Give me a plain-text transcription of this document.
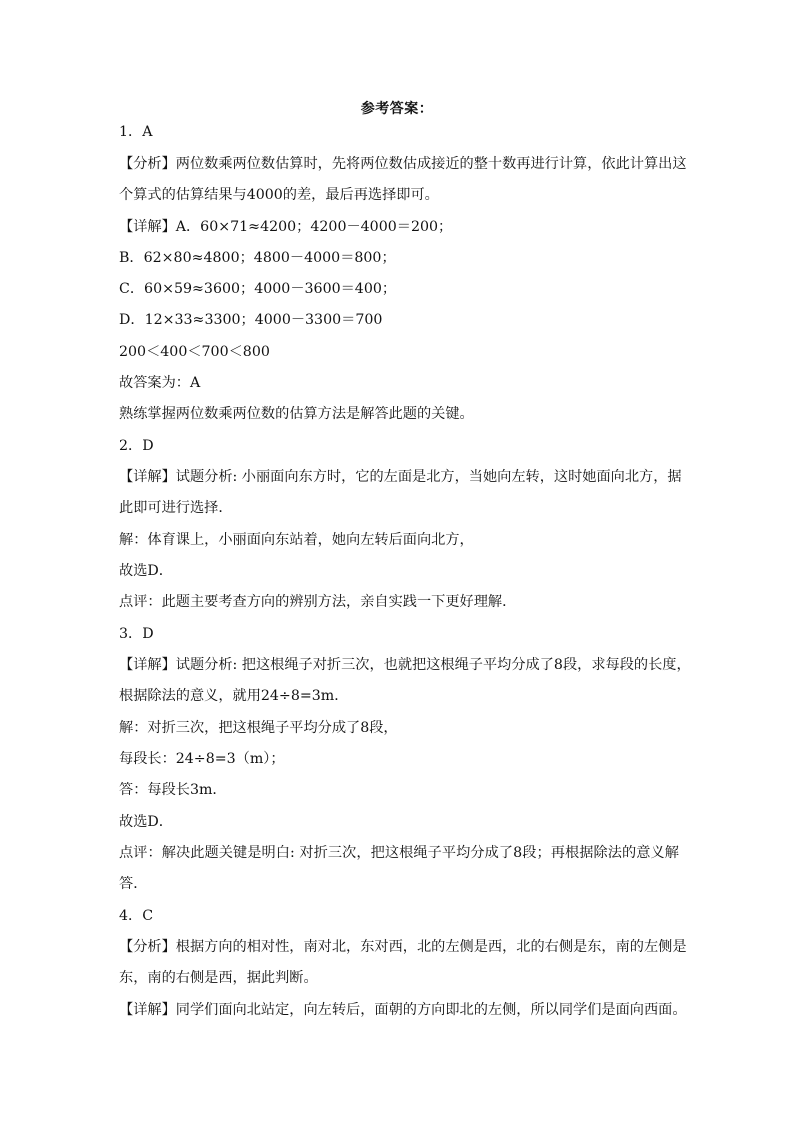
参考答案：
1．A
【分析】两位数乘两位数估算时，先将两位数估成接近的整十数再进行计算，依此计算出这
个算式的估算结果与4000的差，最后再选择即可。
【详解】A．60×71≈4200；4200－4000＝200；
B．62×80≈4800；4800－4000＝800；
C．60×59≈3600；4000－3600＝400；
D．12×33≈3300；4000－3300＝700
200＜400＜700＜800
故答案为：A
熟练掌握两位数乘两位数的估算方法是解答此题的关键。
2．D
【详解】试题分析: 小丽面向东方时，它的左面是北方，当她向左转，这时她面向北方，据
此即可进行选择．
解：体育课上，小丽面向东站着，她向左转后面向北方，
故选D．
点评：此题主要考查方向的辨别方法，亲自实践一下更好理解．
3．D
【详解】试题分析: 把这根绳子对折三次，也就把这根绳子平均分成了8段，求每段的长度，
根据除法的意义，就用24÷8=3m．
解：对折三次，把这根绳子平均分成了8段，
每段长：24÷8=3（m）；
答：每段长3m．
故选D．
点评：解决此题关键是明白: 对折三次，把这根绳子平均分成了8段；再根据除法的意义解
答．
4．C
【分析】根据方向的相对性，南对北，东对西，北的左侧是西，北的右侧是东，南的左侧是
东，南的右侧是西，据此判断。
【详解】同学们面向北站定，向左转后，面朝的方向即北的左侧，所以同学们是面向西面。
